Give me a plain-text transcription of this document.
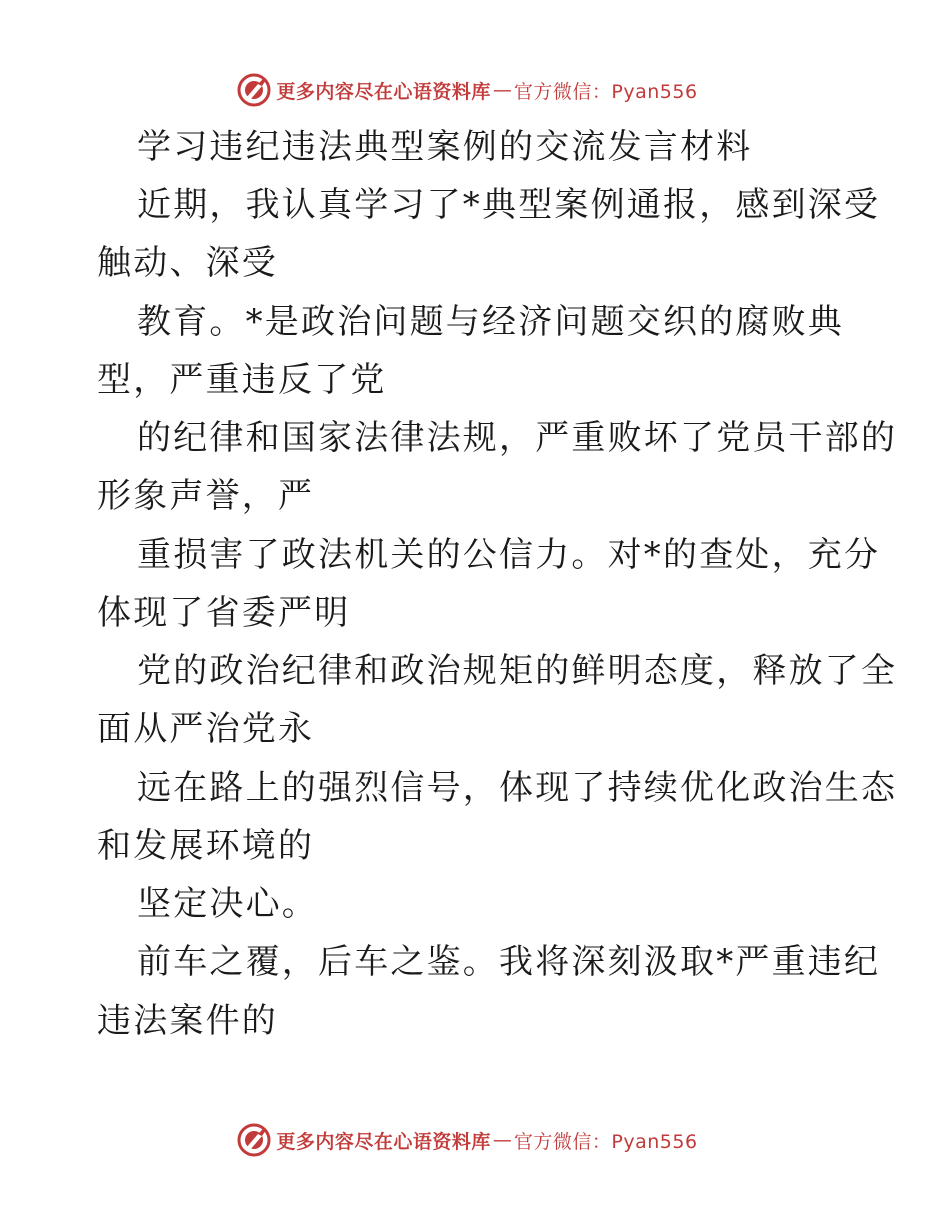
更多内容尽在心语资料库 — 官方微信：Pyan556
学习违纪违法典型案例的交流发言材料
近期，我认真学习了*典型案例通报，感到深受
触动、深受
教育。*是政治问题与经济问题交织的腐败典
型，严重违反了党
的纪律和国家法律法规，严重败坏了党员干部的
形象声誉，严
重损害了政法机关的公信力。对*的查处，充分
体现了省委严明
党的政治纪律和政治规矩的鲜明态度，释放了全
面从严治党永
远在路上的强烈信号，体现了持续优化政治生态
和发展环境的
坚定决心。
前车之覆，后车之鉴。我将深刻汲取*严重违纪
违法案件的
更多内容尽在心语资料库 — 官方微信：Pyan556
